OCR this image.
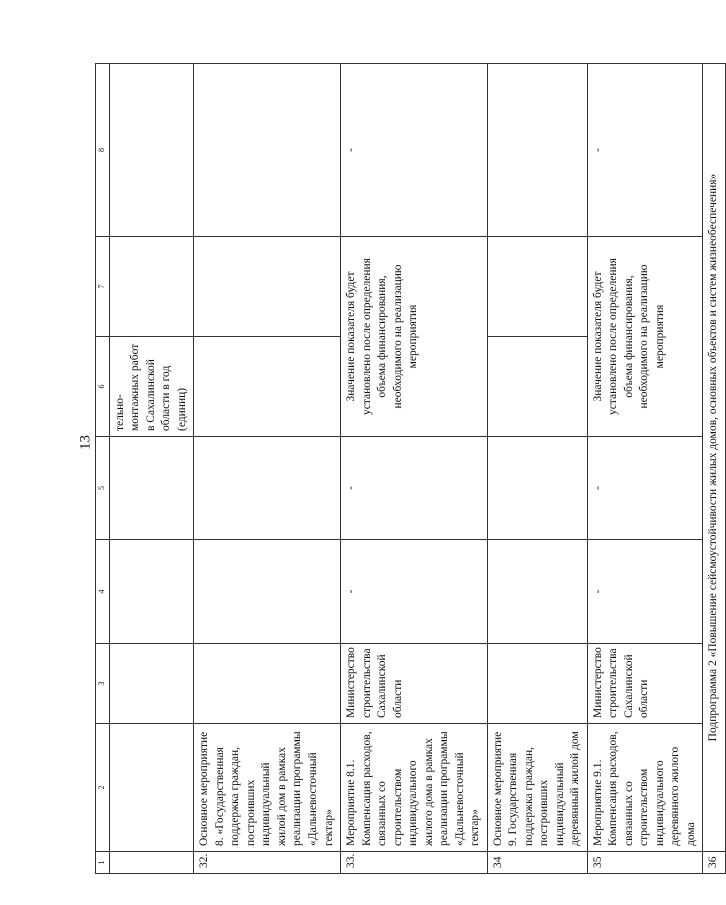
13
1	2	3	4	5	6	7	8
					тельно-монтажных работ в Сахалинской области в год (единиц)		
32.	Основное мероприятие 8. «Государственная поддержка граждан, построивших индивидуальный жилой дом в рамках реализации программы «Дальневосточный гектар»						
33.	Мероприятие 8.1. Компенсация расходов, связанных со строительством индивидуального жилого дома в рамках реализации программы «Дальневосточный гектар»	Министерство строительства Сахалинской области	-	-	Значение показателя будет установлено после определения объема финансирования, необходимого на реализацию мероприятия		-
34	Основное мероприятие 9. Государственная поддержка граждан, построивших индивидуальный деревянный жилой дом						
35	Мероприятие 9.1. Компенсация расходов, связанных со строительством индивидуального деревянного жилого дома	Министерство строительства Сахалинской области	-	-	Значение показателя будет установлено после определения объема финансирования, необходимого на реализацию мероприятия		-
36	Подпрограмма 2 «Повышение сейсмоустойчивости жилых домов, основных объектов и систем жизнеобеспечения»						
